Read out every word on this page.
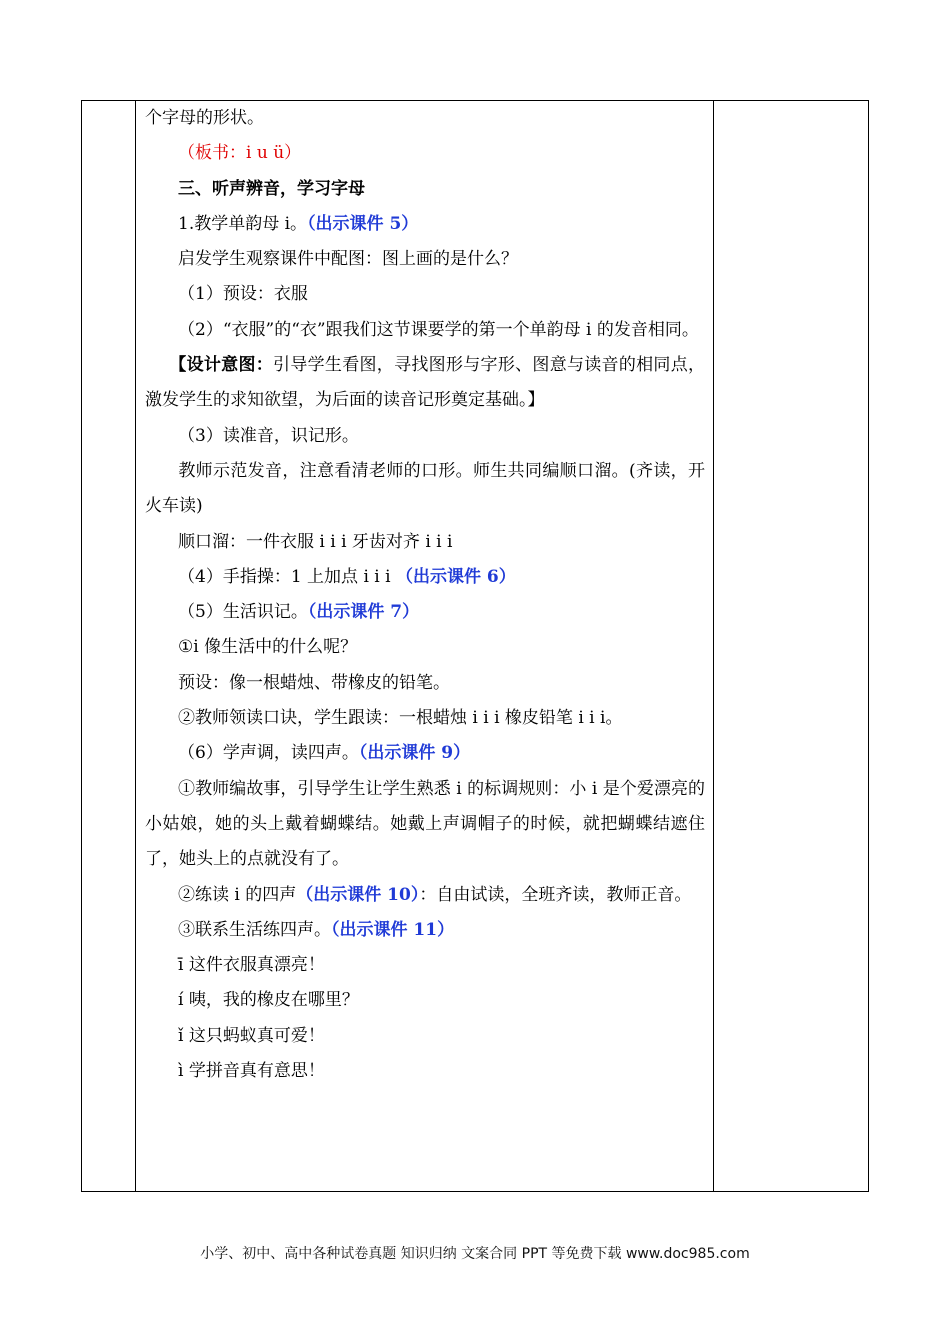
个字母的形状。

（板书：i u ü）

三、听声辨音，学习字母

1.教学单韵母 i。（出示课件 5）

启发学生观察课件中配图：图上画的是什么？

（1）预设：衣服

（2）“衣服”的“衣”跟我们这节课要学的第一个单韵母 i 的发音相同。

【设计意图：引导学生看图，寻找图形与字形、图意与读音的相同点，激发学生的求知欲望，为后面的读音记形奠定基础。】

（3）读准音，识记形。

教师示范发音，注意看清老师的口形。师生共同编顺口溜。(齐读，开火车读)

顺口溜：一件衣服 i i i 牙齿对齐 i i i

（4）手指操：1 上加点 i i i （出示课件 6）

（5）生活识记。（出示课件 7）

①i 像生活中的什么呢？

预设：像一根蜡烛、带橡皮的铅笔。

②教师领读口诀，学生跟读：一根蜡烛 i i i 橡皮铅笔 i i i。

（6）学声调，读四声。（出示课件 9）

①教师编故事，引导学生让学生熟悉 i 的标调规则：小 i 是个爱漂亮的小姑娘，她的头上戴着蝴蝶结。她戴上声调帽子的时候，就把蝴蝶结遮住了，她头上的点就没有了。

②练读 i 的四声（出示课件 10）：自由试读，全班齐读，教师正音。

③联系生活练四声。（出示课件 11）

ī 这件衣服真漂亮！

í 咦，我的橡皮在哪里？

ǐ 这只蚂蚁真可爱！

ì 学拼音真有意思！

小学、初中、高中各种试卷真题 知识归纳 文案合同 PPT 等免费下载 www.doc985.com
